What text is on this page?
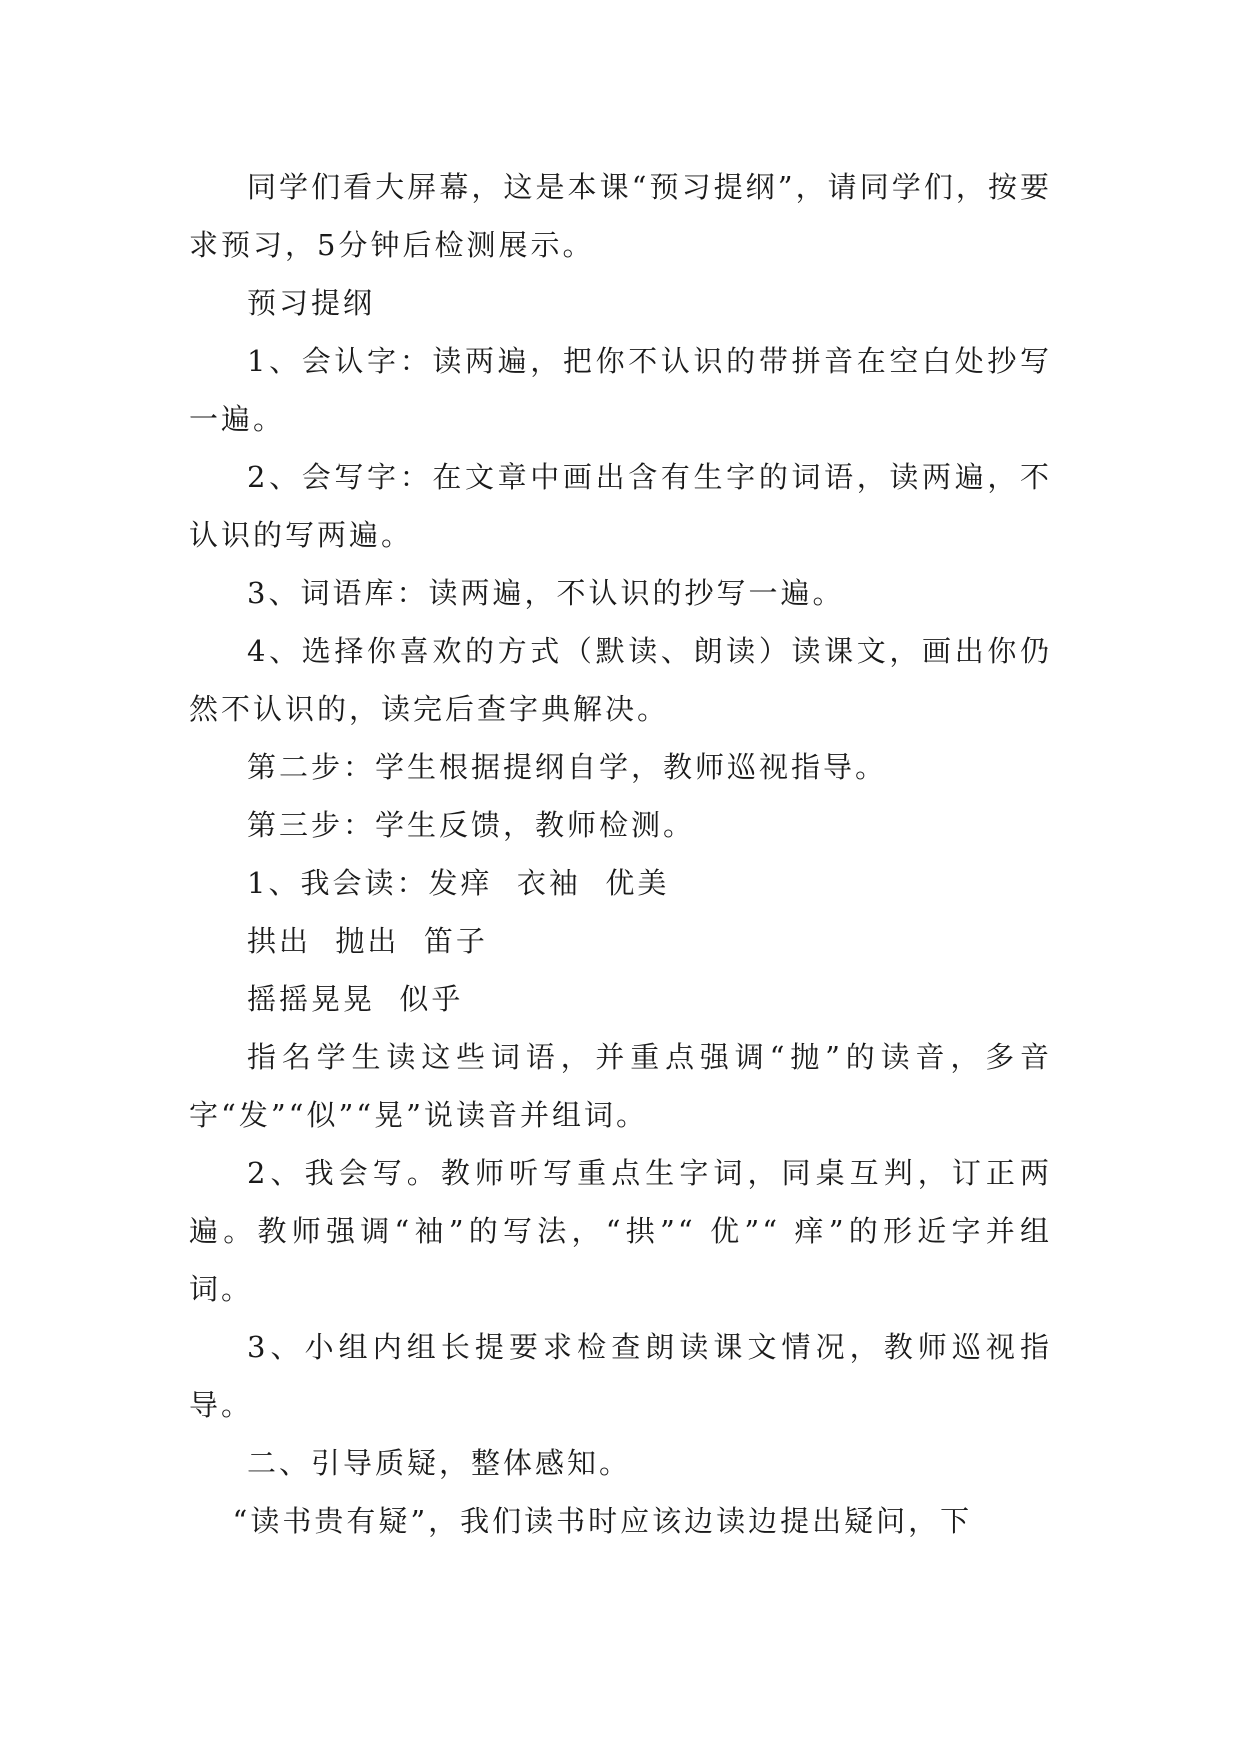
同学们看大屏幕，这是本课“预习提纲”，请同学们，按要求预习，5分钟后检测展示。

预习提纲

1、会认字：读两遍，把你不认识的带拼音在空白处抄写一遍。

2、会写字：在文章中画出含有生字的词语，读两遍，不认识的写两遍。

3、词语库：读两遍，不认识的抄写一遍。

4、选择你喜欢的方式（默读、朗读）读课文，画出你仍然不认识的，读完后查字典解决。

第二步：学生根据提纲自学，教师巡视指导。

第三步：学生反馈，教师检测。

1、我会读：发痒  衣袖  优美

拱出  抛出  笛子

摇摇晃晃  似乎

指名学生读这些词语，并重点强调“抛”的读音，多音字“发”“似”“晃”说读音并组词。

2、我会写。教师听写重点生字词，同桌互判，订正两遍。教师强调“袖”的写法，“拱”“ 优”“ 痒”的形近字并组词。

3、小组内组长提要求检查朗读课文情况，教师巡视指导。

二、引导质疑，整体感知。

“读书贵有疑”，我们读书时应该边读边提出疑问，下
